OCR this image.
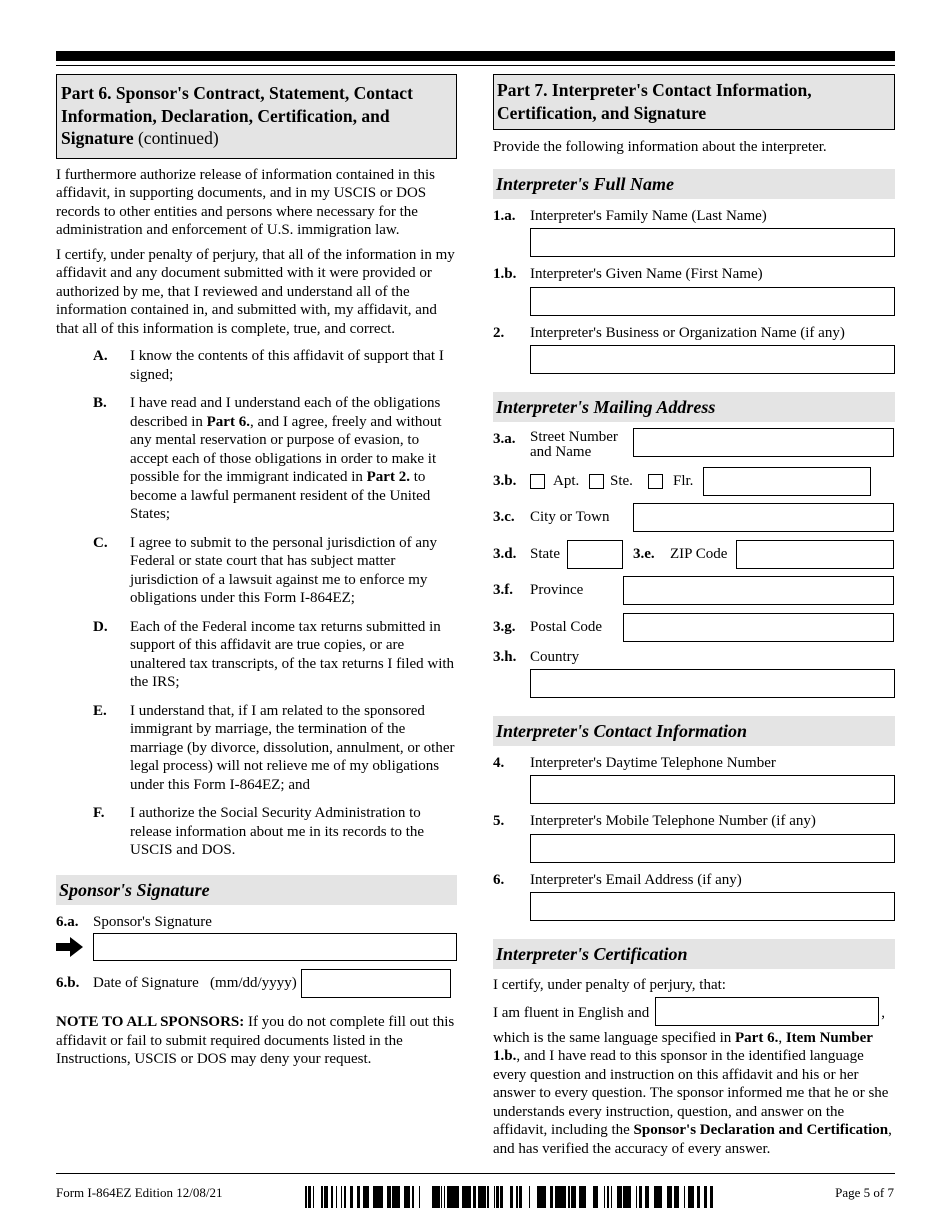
Part 6. Sponsor's Contract, Statement, Contact Information, Declaration, Certification, and Signature (continued)

I furthermore authorize release of information contained in this affidavit, in supporting documents, and in my USCIS or DOS records to other entities and persons where necessary for the administration and enforcement of U.S. immigration law.

I certify, under penalty of perjury, that all of the information in my affidavit and any document submitted with it were provided or authorized by me, that I reviewed and understand all of the information contained in, and submitted with, my affidavit, and that all of this information is complete, true, and correct.

A.	I know the contents of this affidavit of support that I signed;
B.	I have read and I understand each of the obligations described in Part 6., and I agree, freely and without any mental reservation or purpose of evasion, to accept each of those obligations in order to make it possible for the immigrant indicated in Part 2. to become a lawful permanent resident of the United States;
C.	I agree to submit to the personal jurisdiction of any Federal or state court that has subject matter jurisdiction of a lawsuit against me to enforce my obligations under this Form I-864EZ;
D.	Each of the Federal income tax returns submitted in support of this affidavit are true copies, or are unaltered tax transcripts, of the tax returns I filed with the IRS;
E.	I understand that, if I am related to the sponsored immigrant by marriage, the termination of the marriage (by divorce, dissolution, annulment, or other legal process) will not relieve me of my obligations under this Form I-864EZ; and
F.	I authorize the Social Security Administration to release information about me in its records to the USCIS and DOS.
Sponsor's Signature
6.a. Sponsor's Signature
6.b. Date of Signature   (mm/dd/yyyy)

NOTE TO ALL SPONSORS: If you do not complete fill out this affidavit or fail to submit required documents listed in the Instructions, USCIS or DOS may deny your request.

Part 7. Interpreter's Contact Information, Certification, and Signature

Provide the following information about the interpreter.

Interpreter's Full Name
1.a. Interpreter's Family Name (Last Name)
1.b. Interpreter's Given Name (First Name)
2.	Interpreter's Business or Organization Name (if any)
Interpreter's Mailing Address
3.a. Street Number and Name
3.b.	Apt. Ste.	Flr.
3.c.	City or Town
3.d. State	3.e.	ZIP Code
3.f.	Province
3.g. Postal Code
3.h. Country
Interpreter's Contact Information
4.	Interpreter's Daytime Telephone Number
5.	Interpreter's Mobile Telephone Number (if any)
6.	Interpreter's Email Address (if any)
Interpreter's Certification

I certify, under penalty of perjury, that:

I am fluent in English and	,

which is the same language specified in Part 6., Item Number 1.b., and I have read to this sponsor in the identified language every question and instruction on this affidavit and his or her answer to every question. The sponsor informed me that he or she understands every instruction, question, and answer on the affidavit, including the Sponsor's Declaration and Certification, and has verified the accuracy of every answer.

Form I-864EZ Edition 12/08/21	Page 5 of 7
